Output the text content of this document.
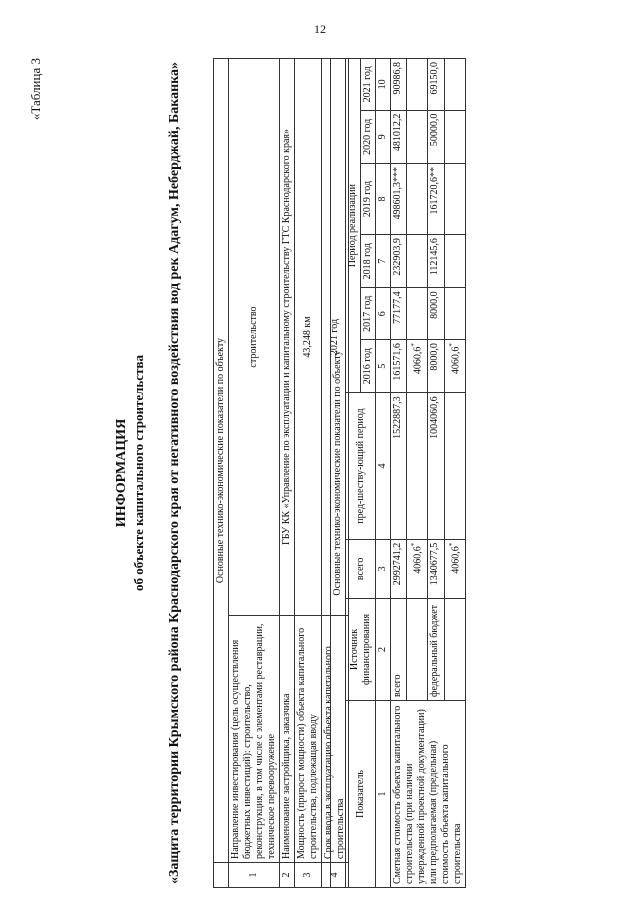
12
«Таблица 3
ИНФОРМАЦИЯ об объекте капитального строительства «Защита территории Крымского района Краснодарского края от негативного воздействия вод рек Адагум, Неберджай, Баканка»
		Основные технико-экономические показатели по объекту	
1	Направление инвестирования (цель осуществления бюджетных инвестиций): строительство, реконструкция, в том числе с элементами реставрации, техническое перевооружение	строительство
2	Наименование застройщика, заказчика	ГБУ КК «Управление по эксплуатации и капитальному строительству ГТС Краснодарского края»
3	Мощность (прирост мощности) объекта капитального строительства, подлежащая вводу	43,248 км
4	Срок ввода в эксплуатацию объекта капитального строительства	2021 год
Основные технико-экономические показатели по объекту									
Показатель	Источник финансирования	всего	пред-шеству-ющий период	Период реализации					
				2016 год	2017 год	2018 год	2019 год	2020 год	2021 год
1	2	3	4	5	6	7	8	9	10
Сметная стоимость объекта капитального строительства (при наличии утвержденной проектной документации) или предполагаемая (предельная) стоимость объекта капитального строительства	всего	2992741,2	1522887,3	161571,6	77177,4	232903,9	498601,3***	481012,2	90986,8
		4060,6*		4060,6*					
	федеральный бюджет	1340677,5	1004060,6	8000,0	8000,0	112145,6	161720,6**	50000,0	69150,0
		4060,6*		4060,6*					
